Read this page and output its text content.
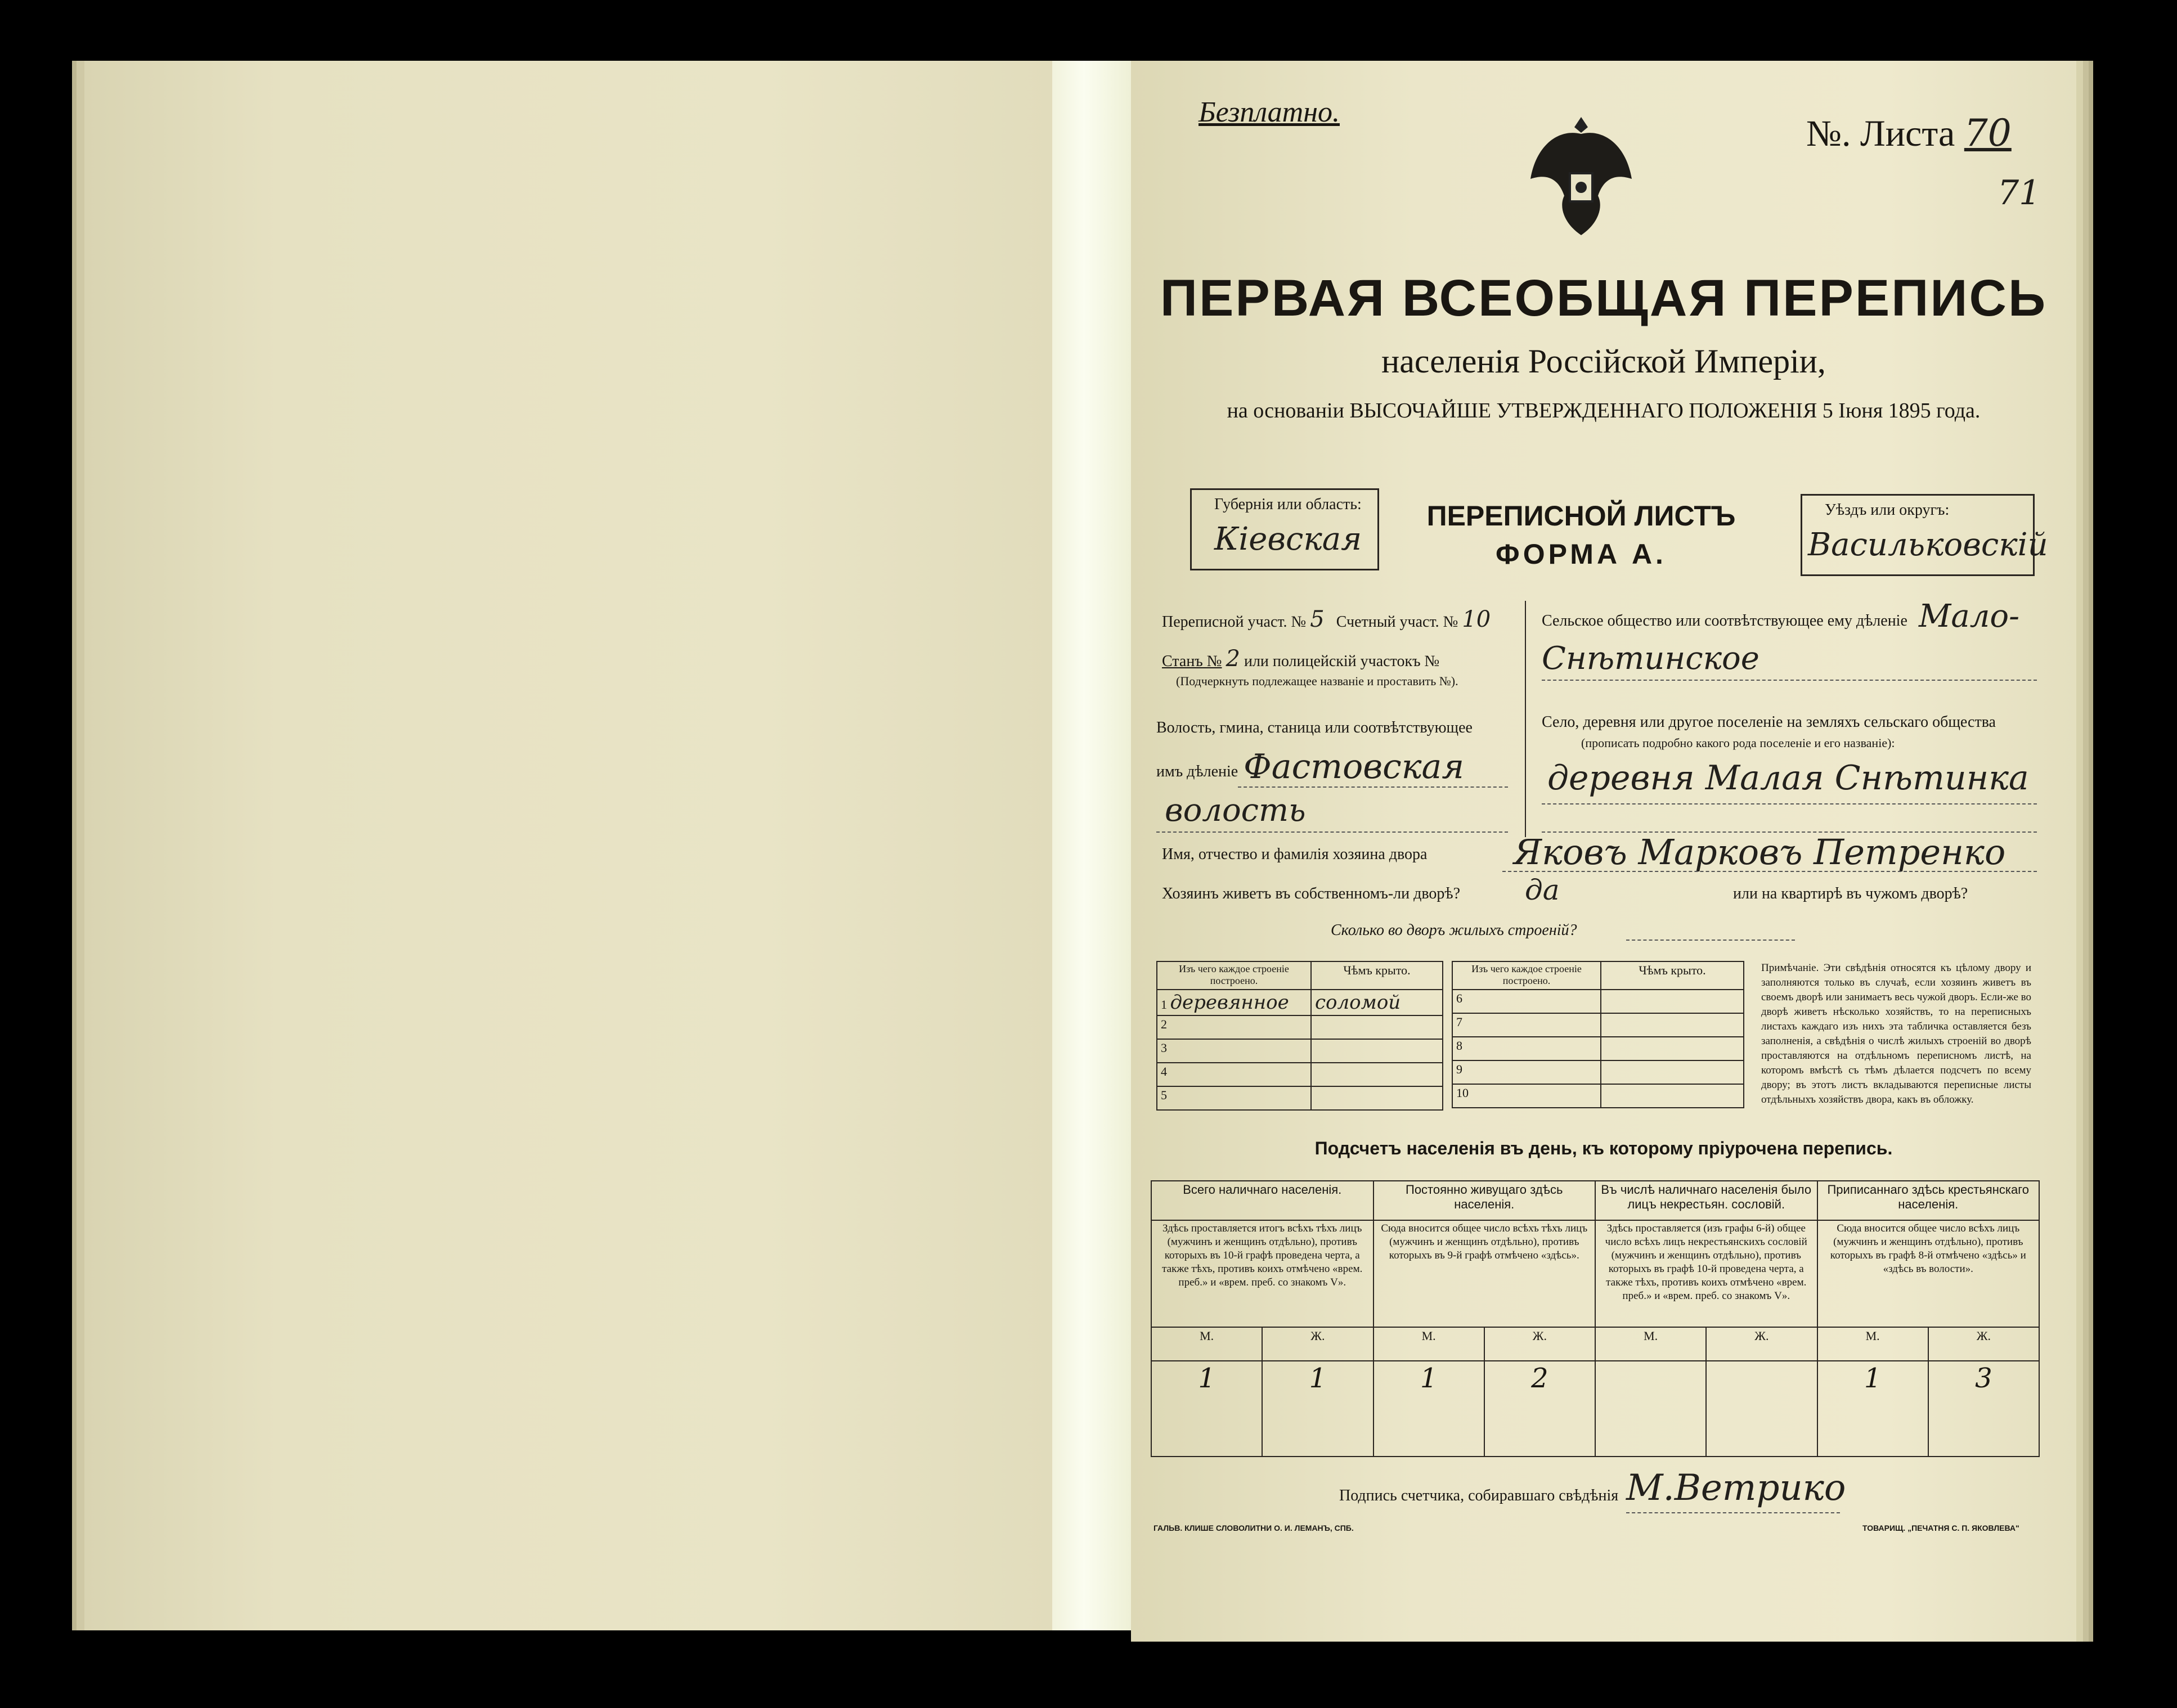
Безплатно.
№. Листа 70
71
ПЕРВАЯ ВСЕОБЩАЯ ПЕРЕПИСЬ
населенія Россійской Имперіи,
на основаніи ВЫСОЧАЙШЕ УТВЕРЖДЕННАГО ПОЛОЖЕНІЯ 5 Іюня 1895 года.
Губернія или область:
Кіевская
ПЕРЕПИСНОЙ ЛИСТЪ
ФОРМА А.
Уѣздъ или округъ:
Васильковскій
Переписной участ. № 5 Счетный участ. № 10
Станъ № 2 или полицейскій участокъ №
(Подчеркнуть подлежащее названіе и проставить №).
Волость, гмина, станица или соотвѣтствующее
имъ дѣленіе Фастовская
волость
Сельское общество или соотвѣтствующее ему дѣленіе Мало-
Снѣтинское
Село, деревня или другое поселеніе на земляхъ сельскаго общества
(прописать подробно какого рода поселеніе и его названіе):
деревня Малая Снѣтинка
Имя, отчество и фамилія хозяина двора Яковъ Марковъ Петренко
Хозяинъ живетъ въ собственномъ-ли дворѣ? да	или на квартирѣ въ чужомъ дворѣ?
Сколько во дворъ жилыхъ строеній?
Изъ чего каждое строеніе построено.	Чѣмъ крыто.
1 деревянное	соломой
2	
3	
4	
5	
Изъ чего каждое строеніе построено.	Чѣмъ крыто.
6	
7	
8	
9	
10	
Примѣчаніе. Эти свѣдѣнія относятся къ цѣлому двору и заполняются только въ случаѣ, если хозяинъ живетъ въ своемъ дворѣ или занимаетъ весь чужой дворъ. Если-же во дворѣ живетъ нѣсколько хозяйствъ, то на переписныхъ листахъ каждаго изъ нихъ эта табличка оставляется безъ заполненія, а свѣдѣнія о числѣ жилыхъ строеній во дворѣ проставляются на отдѣльномъ переписномъ листѣ, на которомъ вмѣстѣ съ тѣмъ дѣлается подсчетъ по всему двору; въ этотъ листъ вкладываются переписные листы отдѣльныхъ хозяйствъ двора, какъ въ обложку.
Подсчетъ населенія въ день, къ которому пріурочена перепись.
Всего наличнаго населенія.		Постоянно живущаго здѣсь населенія.		Въ числѣ наличнаго населенія было лицъ некрестьян. сословій.		Приписаннаго здѣсь крестьянскаго населенія.	
Здѣсь проставляется итогъ всѣхъ тѣхъ лицъ (мужчинъ и женщинъ отдѣльно), противъ которыхъ въ 10-й графѣ проведена черта, а также тѣхъ, противъ коихъ отмѣчено «врем. преб.» и «врем. преб. со знакомъ V».		Сюда вносится общее число всѣхъ тѣхъ лицъ (мужчинъ и женщинъ отдѣльно), противъ которыхъ въ 9-й графѣ отмѣчено «здѣсь».		Здѣсь проставляется (изъ графы 6-й) общее число всѣхъ лицъ некрестьянскихъ сословій (мужчинъ и женщинъ отдѣльно), противъ которыхъ въ графѣ 10-й проведена черта, а также тѣхъ, противъ коихъ отмѣчено «врем. преб.» и «врем. преб. со знакомъ V».		Сюда вносится общее число всѣхъ лицъ (мужчинъ и женщинъ отдѣльно), противъ которыхъ въ графѣ 8-й отмѣчено «здѣсь» и «здѣсь въ волости».	
М.	Ж.	М.	Ж.	М.	Ж.	М.	Ж.
1	1	1	2			1	3
Подпись счетчика, собиравшаго свѣдѣнія М.Ветрико
ГАЛЬВ. КЛИШЕ СЛОВОЛИТНИ О. И. ЛЕМАНЪ, СПБ.	ТОВАРИЩ. „ПЕЧАТНЯ С. П. ЯКОВЛЕВА"
